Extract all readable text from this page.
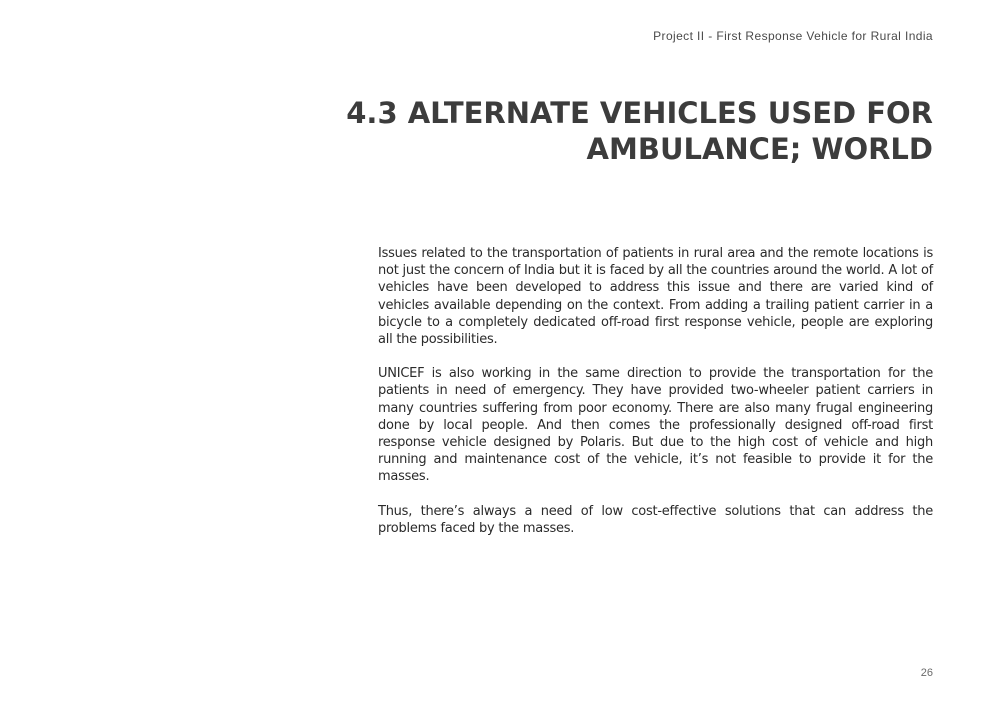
Project II - First Response Vehicle for Rural India
4.3 ALTERNATE VEHICLES USED FOR
AMBULANCE; WORLD

Issues related to the transportation of patients in rural area and the remote locations is not just the concern of India but it is faced by all the countries around the world. A lot of vehicles have been developed to address this issue and there are varied kind of vehicles available depending on the context. From adding a trailing patient carrier in a bicycle to a completely dedicated off-road first response vehicle, people are exploring all the possibilities.

UNICEF is also working in the same direction to provide the transportation for the patients in need of emergency. They have provided two-wheeler patient carriers in many countries suffering from poor economy. There are also many frugal engineering done by local people. And then comes the professionally designed off-road first response vehicle designed by Polaris. But due to the high cost of vehicle and high running and maintenance cost of the vehicle, it’s not feasible to provide it for the masses.

Thus, there’s always a need of low cost-effective solutions that can address the problems faced by the masses.

26
